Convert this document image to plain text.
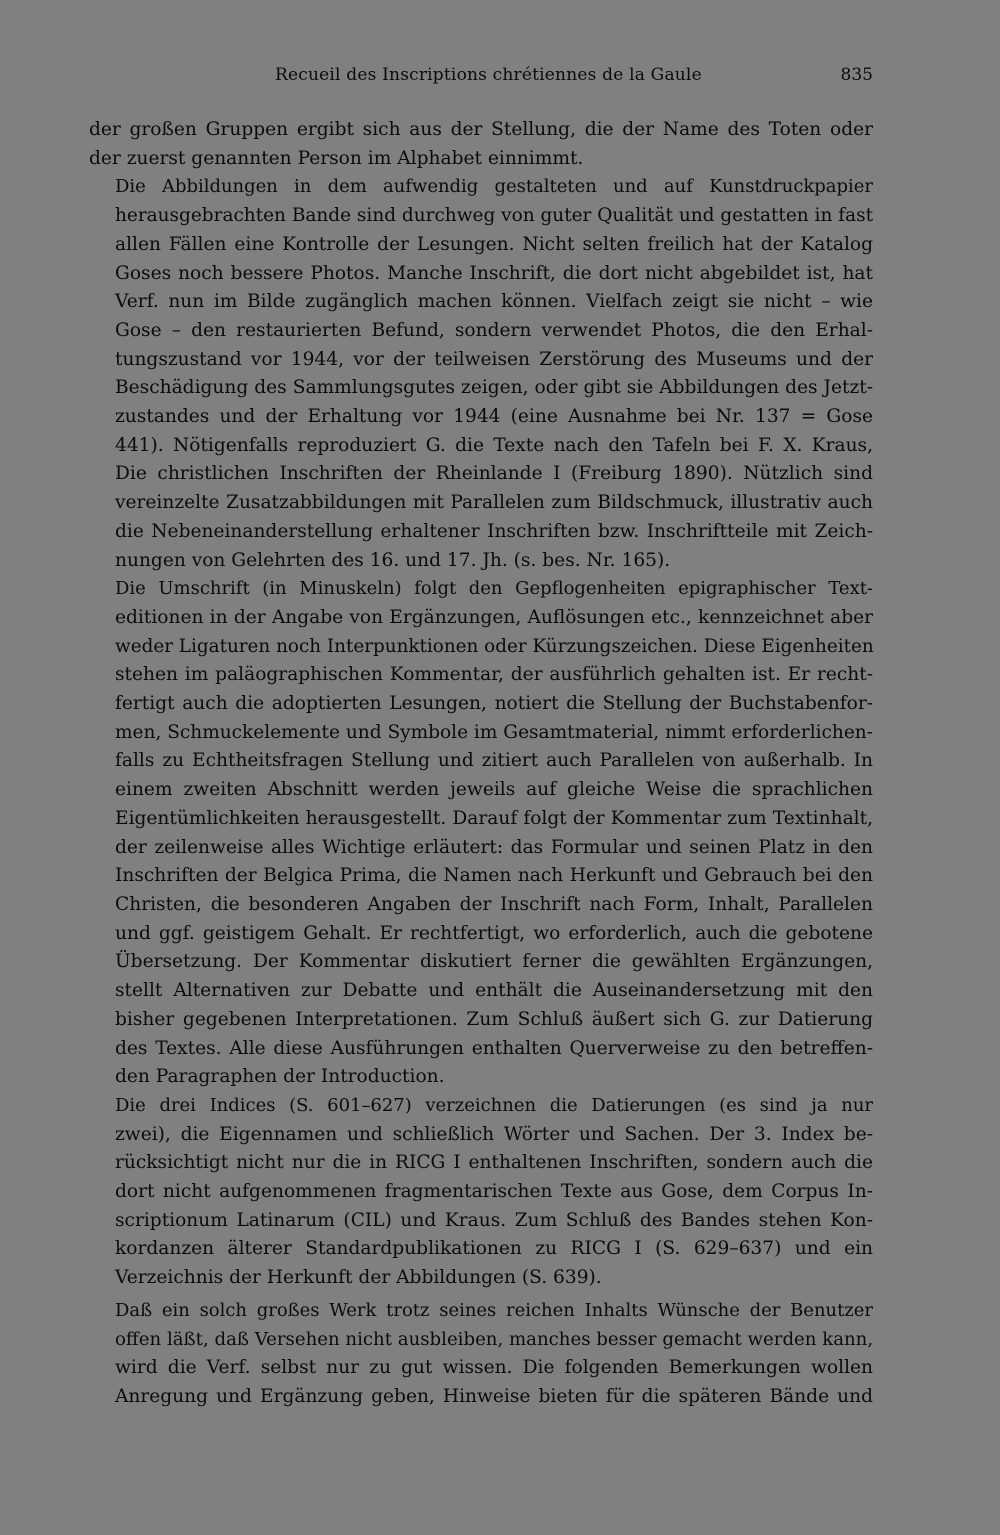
Recueil des Inscriptions chrétiennes de la Gaule	835

der großen Gruppen ergibt sich aus der Stellung, die der Name des Toten oder
der zuerst genannten Person im Alphabet einnimmt.

Die Abbildungen in dem aufwendig gestalteten und auf Kunstdruckpapier
herausgebrachten Bande sind durchweg von guter Qualität und gestatten in fast
allen Fällen eine Kontrolle der Lesungen. Nicht selten freilich hat der Katalog
Goses noch bessere Photos. Manche Inschrift, die dort nicht abgebildet ist, hat
Verf. nun im Bilde zugänglich machen können. Vielfach zeigt sie nicht – wie
Gose – den restaurierten Befund, sondern verwendet Photos, die den Erhal-
tungszustand vor 1944, vor der teilweisen Zerstörung des Museums und der
Beschädigung des Sammlungsgutes zeigen, oder gibt sie Abbildungen des Jetzt-
zustandes und der Erhaltung vor 1944 (eine Ausnahme bei Nr. 137 = Gose
441). Nötigenfalls reproduziert G. die Texte nach den Tafeln bei F. X. Kraus,
Die christlichen Inschriften der Rheinlande I (Freiburg 1890). Nützlich sind
vereinzelte Zusatzabbildungen mit Parallelen zum Bildschmuck, illustrativ auch
die Nebeneinanderstellung erhaltener Inschriften bzw. Inschriftteile mit Zeich-
nungen von Gelehrten des 16. und 17. Jh. (s. bes. Nr. 165).

Die Umschrift (in Minuskeln) folgt den Gepflogenheiten epigraphischer Text-
editionen in der Angabe von Ergänzungen, Auflösungen etc., kennzeichnet aber
weder Ligaturen noch Interpunktionen oder Kürzungszeichen. Diese Eigenheiten
stehen im paläographischen Kommentar, der ausführlich gehalten ist. Er recht-
fertigt auch die adoptierten Lesungen, notiert die Stellung der Buchstabenfor-
men, Schmuckelemente und Symbole im Gesamtmaterial, nimmt erforderlichen-
falls zu Echtheitsfragen Stellung und zitiert auch Parallelen von außerhalb. In
einem zweiten Abschnitt werden jeweils auf gleiche Weise die sprachlichen
Eigentümlichkeiten herausgestellt. Darauf folgt der Kommentar zum Textinhalt,
der zeilenweise alles Wichtige erläutert: das Formular und seinen Platz in den
Inschriften der Belgica Prima, die Namen nach Herkunft und Gebrauch bei den
Christen, die besonderen Angaben der Inschrift nach Form, Inhalt, Parallelen
und ggf. geistigem Gehalt. Er rechtfertigt, wo erforderlich, auch die gebotene
Übersetzung. Der Kommentar diskutiert ferner die gewählten Ergänzungen,
stellt Alternativen zur Debatte und enthält die Auseinandersetzung mit den
bisher gegebenen Interpretationen. Zum Schluß äußert sich G. zur Datierung
des Textes. Alle diese Ausführungen enthalten Querverweise zu den betreffen-
den Paragraphen der Introduction.

Die drei Indices (S. 601–627) verzeichnen die Datierungen (es sind ja nur
zwei), die Eigennamen und schließlich Wörter und Sachen. Der 3. Index be-
rücksichtigt nicht nur die in RICG I enthaltenen Inschriften, sondern auch die
dort nicht aufgenommenen fragmentarischen Texte aus Gose, dem Corpus In-
scriptionum Latinarum (CIL) und Kraus. Zum Schluß des Bandes stehen Kon-
kordanzen älterer Standardpublikationen zu RICG I (S. 629–637) und ein
Verzeichnis der Herkunft der Abbildungen (S. 639).

Daß ein solch großes Werk trotz seines reichen Inhalts Wünsche der Benutzer
offen läßt, daß Versehen nicht ausbleiben, manches besser gemacht werden kann,
wird die Verf. selbst nur zu gut wissen. Die folgenden Bemerkungen wollen
Anregung und Ergänzung geben, Hinweise bieten für die späteren Bände und
